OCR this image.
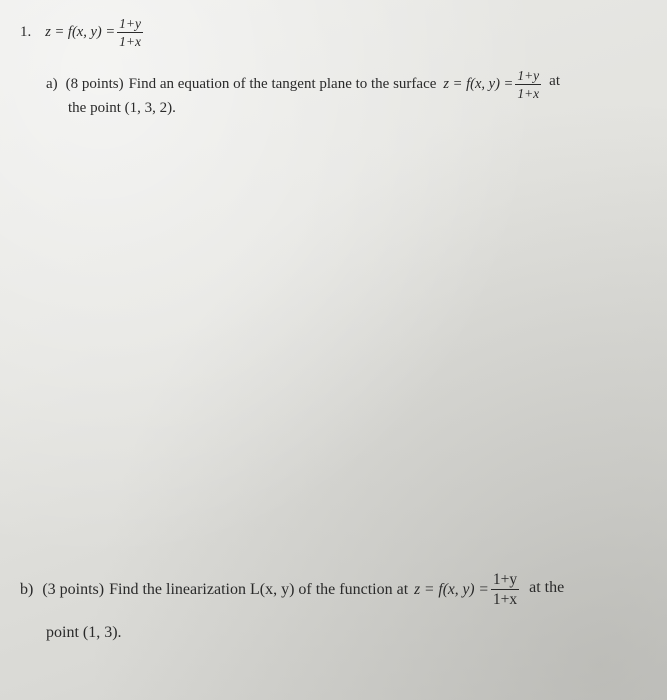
1. z = f(x, $y) = \frac{1+y}{1+x}$
a) (8 points) Find an equation of the tangent plane to the surface z = f(x, $y) = \frac{1+y}{1+x}$ at
the point (1, 3, 2).
b) (3 points) Find the linearization L(x, y) of the function at z = f(x, $y) = \frac{1+y}{1+x}$ at the
point (1, 3).
